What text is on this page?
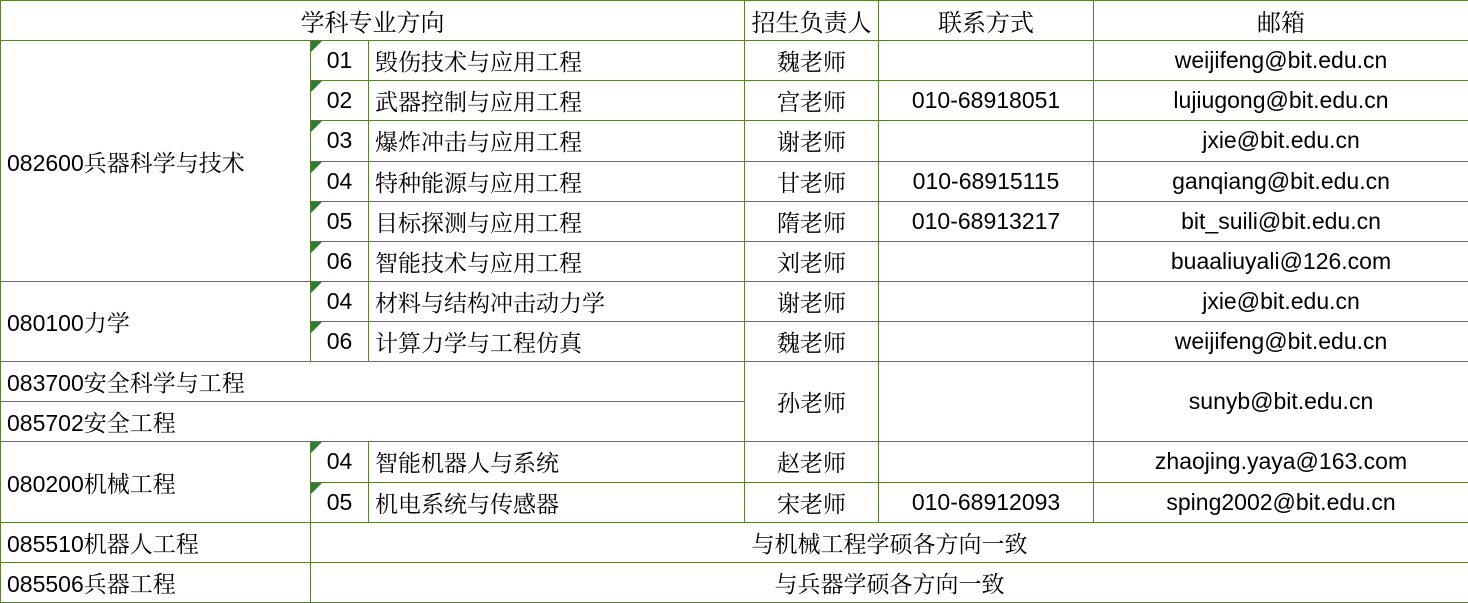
学科专业方向			招生负责人	联系方式	邮箱
082600兵器科学与技术	01	毁伤技术与应用工程	魏老师		weijifeng@bit.edu.cn

02	武器控制与应用工程	宫老师	010-68918051	lujiugong@bit.edu.cn

03	爆炸冲击与应用工程	谢老师		jxie@bit.edu.cn

04	特种能源与应用工程	甘老师	010-68915115	ganqiang@bit.edu.cn

05	目标探测与应用工程	隋老师	010-68913217	bit_suili@bit.edu.cn

06	智能技术与应用工程	刘老师		buaaliuyali@126.com
080100力学	04	材料与结构冲击动力学	谢老师		jxie@bit.edu.cn

06	计算力学与工程仿真	魏老师		weijifeng@bit.edu.cn
083700安全科学与工程			孙老师		sunyb@bit.edu.cn
085702安全工程					
080200机械工程	04	智能机器人与系统	赵老师		zhaojing.yaya@163.com

05	机电系统与传感器	宋老师	010-68912093	sping2002@bit.edu.cn
085510机器人工程	与机械工程学硕各方向一致				
085506兵器工程	与兵器学硕各方向一致				
